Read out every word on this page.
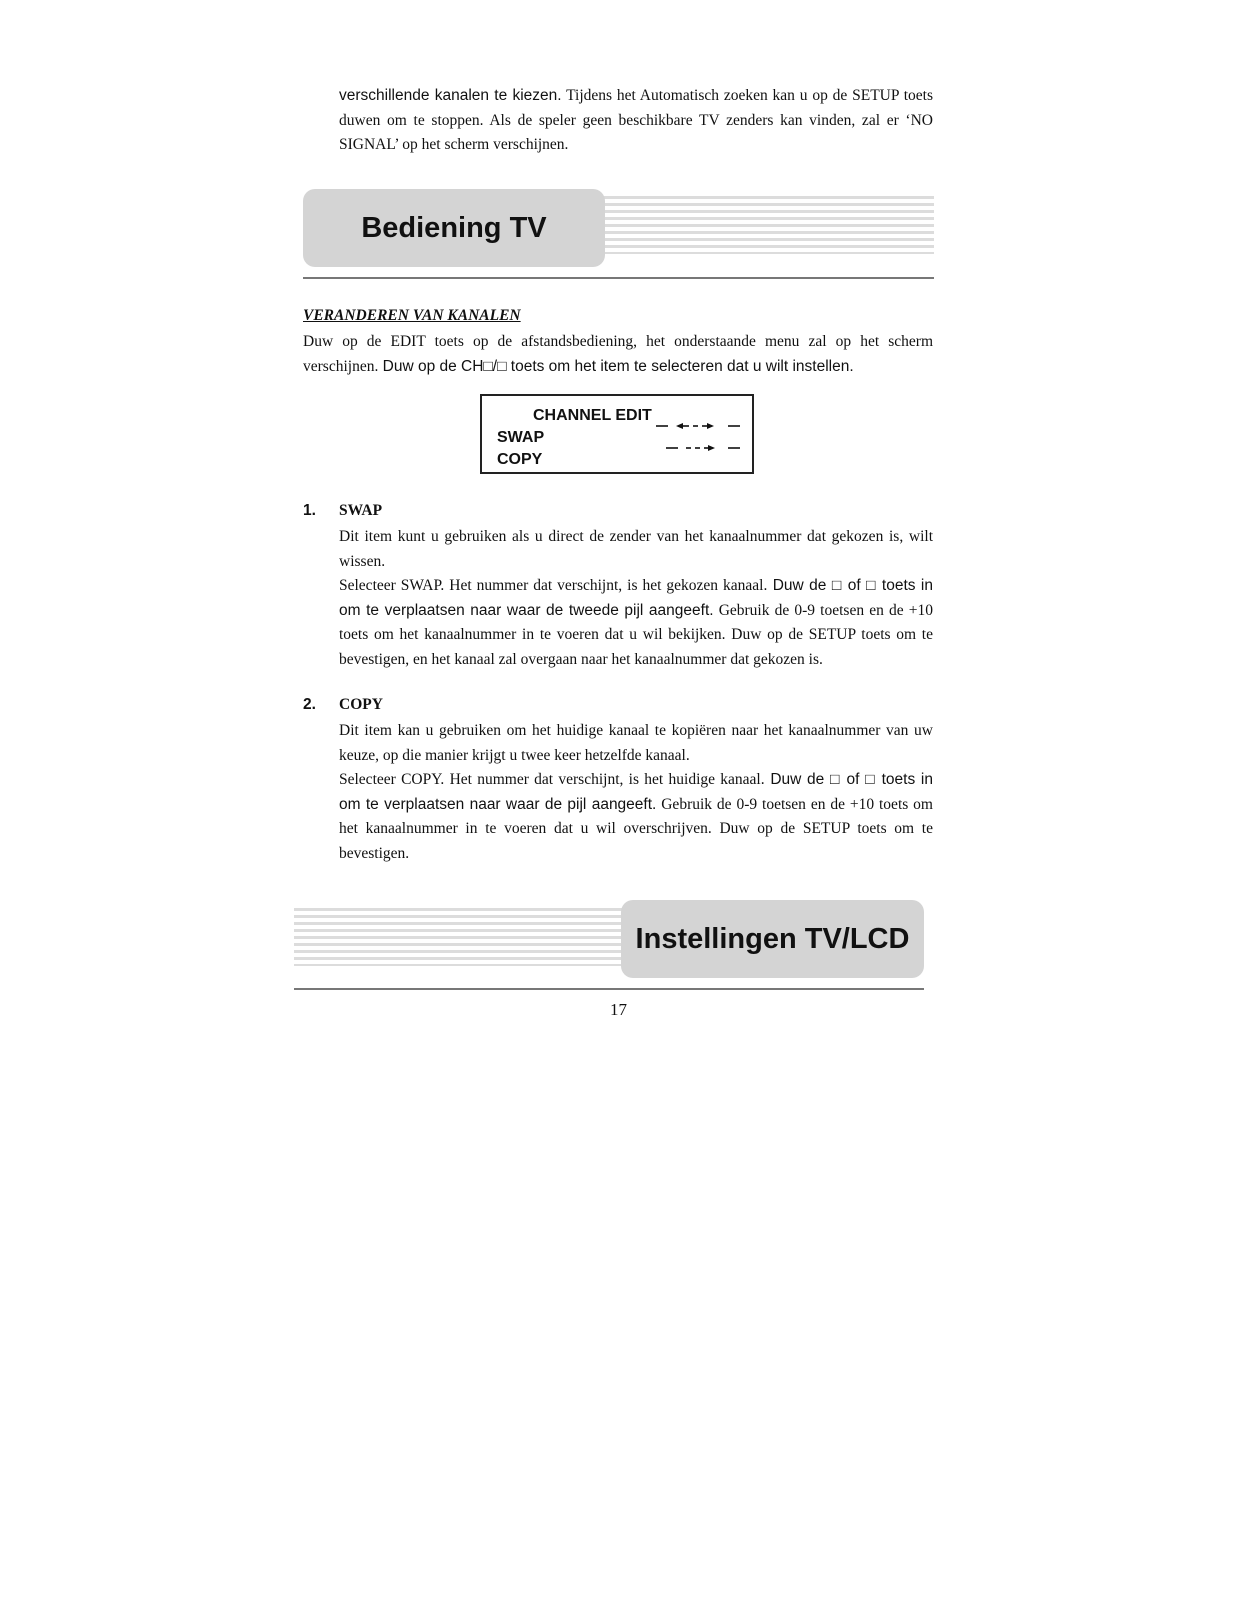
verschillende kanalen te kiezen. Tijdens het Automatisch zoeken kan u op de SETUP toets duwen om te stoppen. Als de speler geen beschikbare TV zenders kan vinden, zal er ‘NO SIGNAL’ op het scherm verschijnen.
Bediening TV
VERANDEREN VAN KANALEN
Duw op de EDIT toets op de afstandsbediening, het onderstaande menu zal op het scherm verschijnen. Duw op de CH□/□ toets om het item te selecteren dat u wilt instellen.
CHANNEL EDIT
SWAP
COPY
1. SWAP
Dit item kunt u gebruiken als u direct de zender van het kanaalnummer dat gekozen is, wilt wissen.
Selecteer SWAP. Het nummer dat verschijnt, is het gekozen kanaal. Duw de □ of □ toets in om te verplaatsen naar waar de tweede pijl aangeeft. Gebruik de 0-9 toetsen en de +10 toets om het kanaalnummer in te voeren dat u wil bekijken. Duw op de SETUP toets om te bevestigen, en het kanaal zal overgaan naar het kanaalnummer dat gekozen is.
2. COPY
Dit item kan u gebruiken om het huidige kanaal te kopiëren naar het kanaalnummer van uw keuze, op die manier krijgt u twee keer hetzelfde kanaal.
Selecteer COPY. Het nummer dat verschijnt, is het huidige kanaal. Duw de □ of □ toets in om te verplaatsen naar waar de pijl aangeeft. Gebruik de 0-9 toetsen en de +10 toets om het kanaalnummer in te voeren dat u wil overschrijven. Duw op de SETUP toets om te bevestigen.
Instellingen TV/LCD
17
